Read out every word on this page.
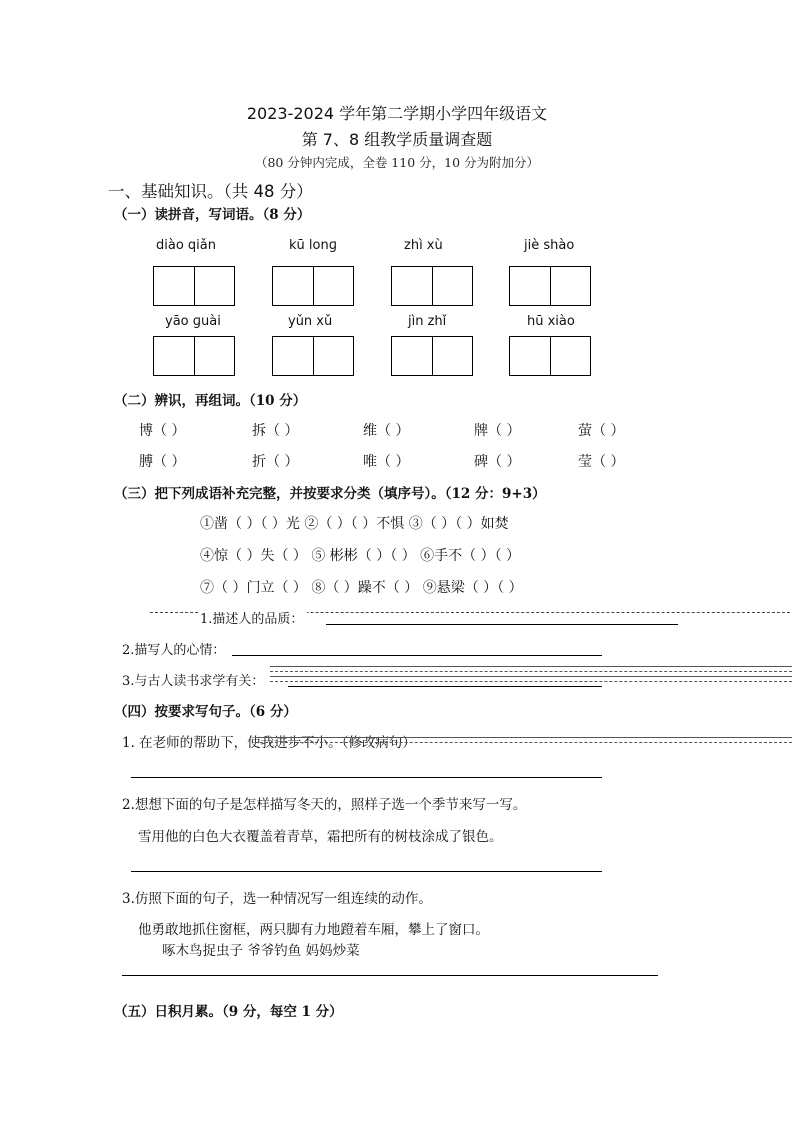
2023-2024 学年第二学期小学四年级语文
第 7、8 组教学质量调查题
（80 分钟内完成，全卷 110 分，10 分为附加分）
一、基础知识。（共 48 分）
（一）读拼音，写词语。（8 分）
diào qiǎn	kū lonɡ	zhì xù	jiè shào
yāo ɡuài	yǔn xǔ	jìn zhǐ	hū xiào
（二）辨识，再组词。（10 分）
博（ ）	拆（ ）	维（ ）	牌（ ）	萤（ ）
膊（ ）	折（ ）	唯（ ）	碑（ ）	莹（ ）
（三）把下列成语补充完整，并按要求分类（填序号）。（12 分：9+3）
①凿（ ）（ ）光 ②（ ）（ ）不惧 ③（ ）（ ）如焚
④惊（ ）失（ ） ⑤ 彬彬（ ）（ ） ⑥手不（ ）（ ）
⑦（ ）门立（ ） ⑧（ ）躁不（ ） ⑨悬梁（ ）（ ）
1.描述人的品质：
2.描写人的心情：
3.与古人读书求学有关：
（四）按要求写句子。（6 分）
1. 在老师的帮助下，使我进步不小。（修改病句）
2.想想下面的句子是怎样描写冬天的，照样子选一个季节来写一写。
雪用他的白色大衣覆盖着青草，霜把所有的树枝涂成了银色。
3.仿照下面的句子，选一种情况写一组连续的动作。
他勇敢地抓住窗框，两只脚有力地蹬着车厢，攀上了窗口。
啄木鸟捉虫子 爷爷钓鱼 妈妈炒菜
（五）日积月累。（9 分，每空 1 分）
